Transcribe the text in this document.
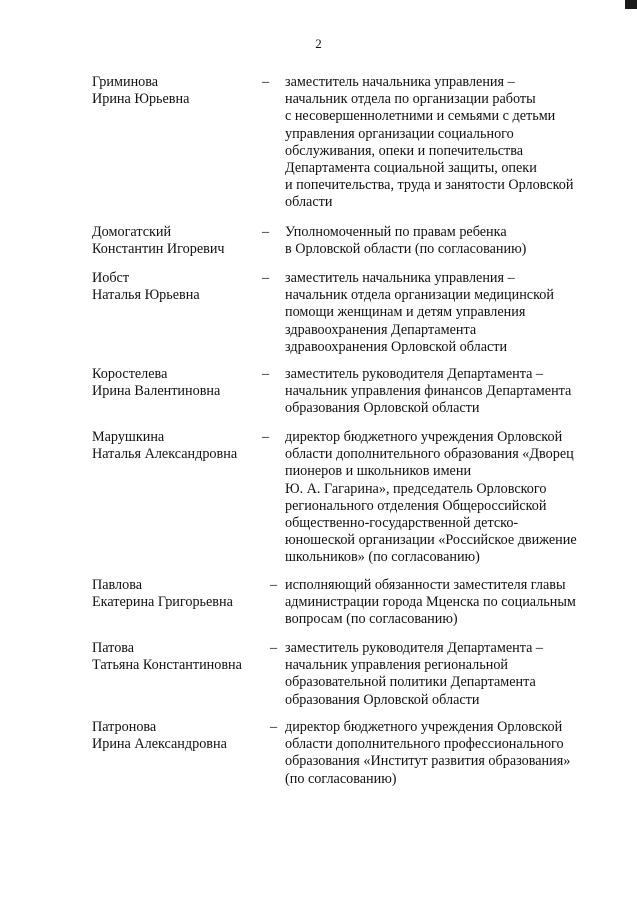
2
Гриминова
Ирина Юрьевна
– заместитель начальника управления –
начальник отдела по организации работы
с несовершеннолетними и семьями с детьми
управления организации социального
обслуживания, опеки и попечительства
Департамента социальной защиты, опеки
и попечительства, труда и занятости Орловской
области
Домогатский
Константин Игоревич
– Уполномоченный по правам ребенка
в Орловской области (по согласованию)
Иобст
Наталья Юрьевна
– заместитель начальника управления –
начальник отдела организации медицинской
помощи женщинам и детям управления
здравоохранения Департамента
здравоохранения Орловской области
Коростелева
Ирина Валентиновна
– заместитель руководителя Департамента –
начальник управления финансов Департамента
образования Орловской области
Марушкина
Наталья Александровна
– директор бюджетного учреждения Орловской
области дополнительного образования «Дворец
пионеров и школьников имени
Ю. А. Гагарина», председатель Орловского
регионального отделения Общероссийской
общественно-государственной детско-
юношеской организации «Российское движение
школьников» (по согласованию)
Павлова
Екатерина Григорьевна
– исполняющий обязанности заместителя главы
администрации города Мценска по социальным
вопросам (по согласованию)
Патова
Татьяна Константиновна
– заместитель руководителя Департамента –
начальник управления региональной
образовательной политики Департамента
образования Орловской области
Патронова
Ирина Александровна
– директор бюджетного учреждения Орловской
области дополнительного профессионального
образования «Институт развития образования»
(по согласованию)
